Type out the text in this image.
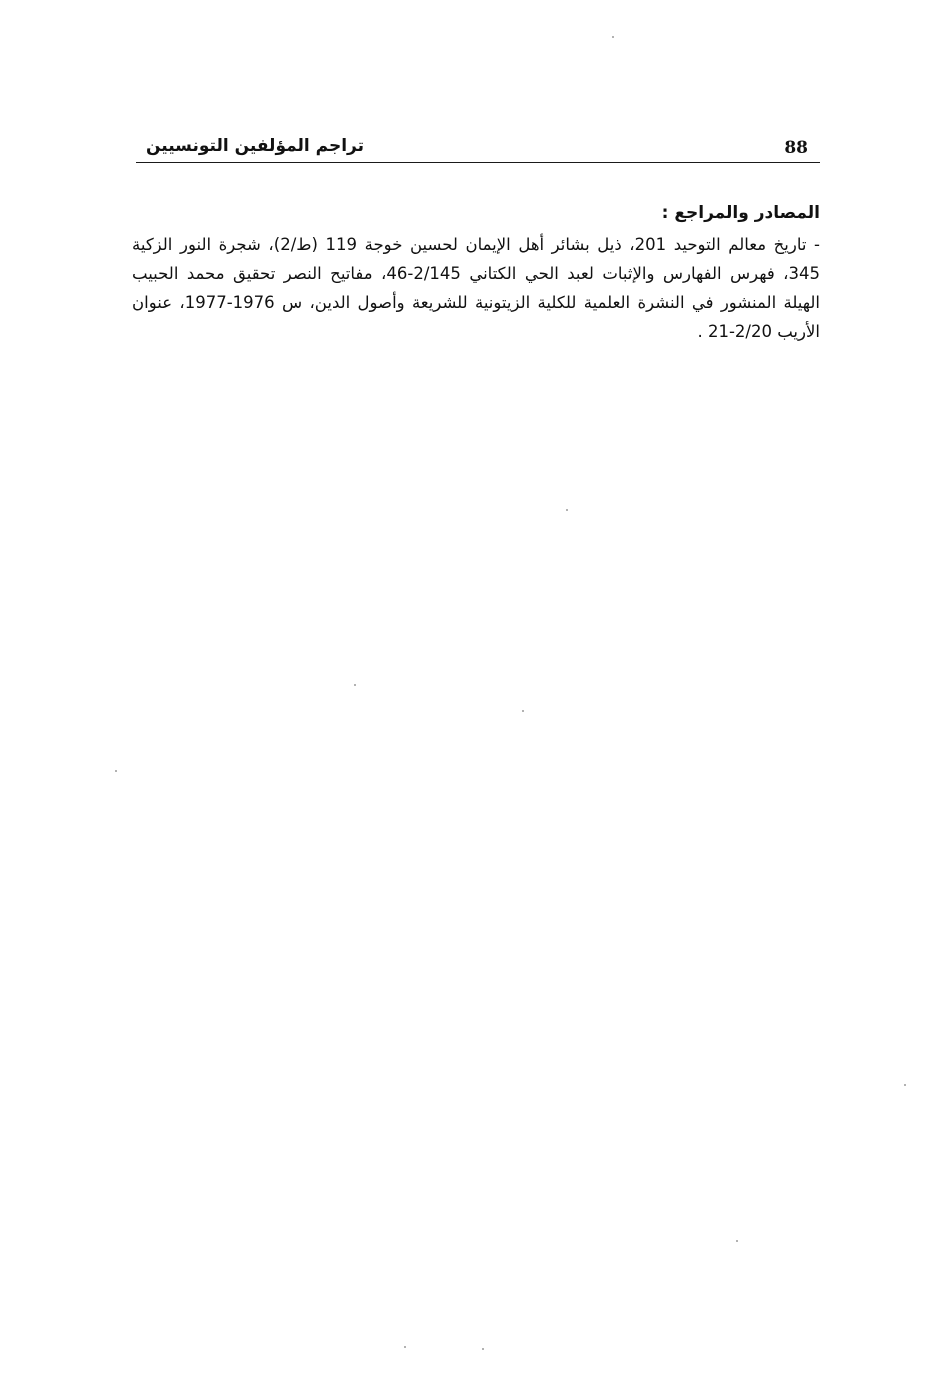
88
تراجم المؤلفين التونسيين

المصادر والمراجع :

- تاريخ معالم التوحيد 201، ذيل بشائر أهل الإيمان لحسين خوجة 119 (ط/2)، شجرة النور الزكية 345، فهرس الفهارس والإثبات لعبد الحي الكتاني 2/145-46، مفاتيح النصر تحقيق محمد الحبيب الهيلة المنشور في النشرة العلمية للكلية الزيتونية للشريعة وأصول الدين، س 1976-1977، عنوان الأريب 2/20-21 .
